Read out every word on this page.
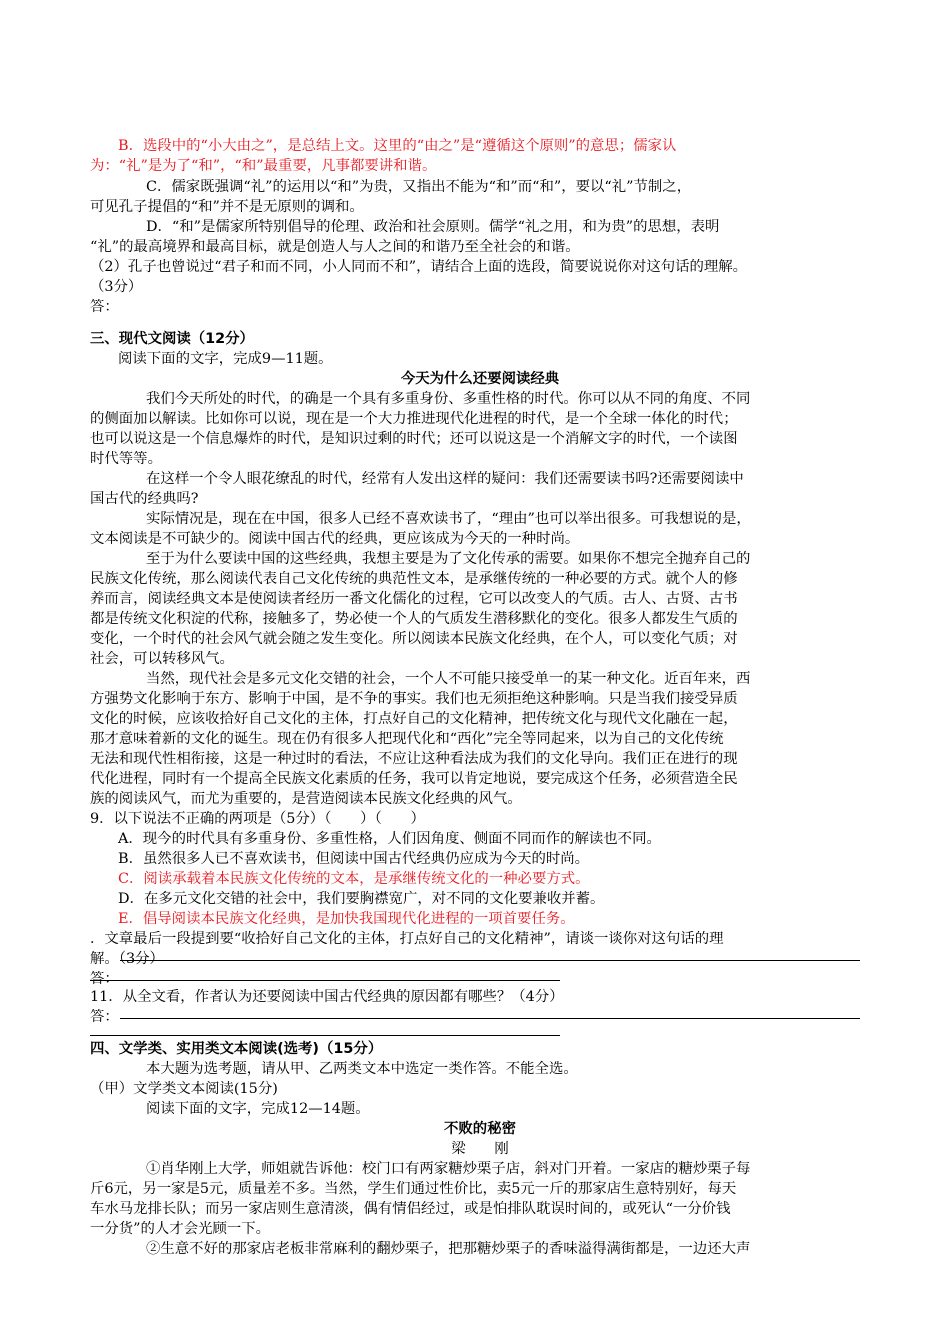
B．选段中的“小大由之”，是总结上文。这里的“由之”是“遵循这个原则”的意思；儒家认
为：“礼”是为了“和”，“和”最重要，凡事都要讲和谐。
C．儒家既强调“礼”的运用以“和”为贵，又指出不能为“和”而“和”，要以“礼”节制之，
可见孔子提倡的“和”并不是无原则的调和。
D．“和”是儒家所特别倡导的伦理、政治和社会原则。儒学“礼之用，和为贵”的思想，表明
“礼”的最高境界和最高目标，就是创造人与人之间的和谐乃至全社会的和谐。
（2）孔子也曾说过“君子和而不同，小人同而不和”，请结合上面的选段，简要说说你对这句话的理解。
（3分）
答：
三、现代文阅读（12分）
阅读下面的文字，完成9—11题。
今天为什么还要阅读经典
我们今天所处的时代，的确是一个具有多重身份、多重性格的时代。你可以从不同的角度、不同
的侧面加以解读。比如你可以说，现在是一个大力推进现代化进程的时代，是一个全球一体化的时代；
也可以说这是一个信息爆炸的时代，是知识过剩的时代；还可以说这是一个消解文字的时代，一个读图
时代等等。
在这样一个令人眼花缭乱的时代，经常有人发出这样的疑问：我们还需要读书吗?还需要阅读中
国古代的经典吗?
实际情况是，现在在中国，很多人已经不喜欢读书了，“理由”也可以举出很多。可我想说的是，
文本阅读是不可缺少的。阅读中国古代的经典，更应该成为今天的一种时尚。
至于为什么要读中国的这些经典，我想主要是为了文化传承的需要。如果你不想完全抛弃自己的
民族文化传统，那么阅读代表自己文化传统的典范性文本，是承继传统的一种必要的方式。就个人的修
养而言，阅读经典文本是使阅读者经历一番文化儒化的过程，它可以改变人的气质。古人、古贤、古书
都是传统文化积淀的代称，接触多了，势必使一个人的气质发生潜移默化的变化。很多人都发生气质的
变化，一个时代的社会风气就会随之发生变化。所以阅读本民族文化经典，在个人，可以变化气质；对
社会，可以转移风气。
当然，现代社会是多元文化交错的社会，一个人不可能只接受单一的某一种文化。近百年来，西
方强势文化影响于东方、影响于中国，是不争的事实。我们也无须拒绝这种影响。只是当我们接受异质
文化的时候，应该收拾好自己文化的主体，打点好自己的文化精神，把传统文化与现代文化融在一起，
那才意味着新的文化的诞生。现在仍有很多人把现代化和“西化”完全等同起来，以为自己的文化传统
无法和现代性相衔接，这是一种过时的看法，不应让这种看法成为我们的文化导向。我们正在进行的现
代化进程，同时有一个提高全民族文化素质的任务，我可以肯定地说，要完成这个任务，必须营造全民
族的阅读风气，而尤为重要的，是营造阅读本民族文化经典的风气。
9．以下说法不正确的两项是（5分）（　　）（　　）
A．现今的时代具有多重身份、多重性格，人们因角度、侧面不同而作的解读也不同。
B．虽然很多人已不喜欢读书，但阅读中国古代经典仍应成为今天的时尚。
C．阅读承载着本民族文化传统的文本，是承继传统文化的一种必要方式。
D．在多元文化交错的社会中，我们要胸襟宽广，对不同的文化要兼收并蓄。
E．倡导阅读本民族文化经典，是加快我国现代化进程的一项首要任务。
．文章最后一段提到要“收拾好自己文化的主体，打点好自己的文化精神”，请谈一谈你对这句话的理
解。（3分）
答：
11．从全文看，作者认为还要阅读中国古代经典的原因都有哪些？（4分）
答：
四、文学类、实用类文本阅读(选考)（15分）
本大题为选考题，请从甲、乙两类文本中选定一类作答。不能全选。
（甲）文学类文本阅读(15分)
阅读下面的文字，完成12—14题。
不败的秘密
梁　　刚
①肖华刚上大学，师姐就告诉他：校门口有两家糖炒栗子店，斜对门开着。一家店的糖炒栗子每
斤6元，另一家是5元，质量差不多。当然，学生们通过性价比，卖5元一斤的那家店生意特别好，每天
车水马龙排长队；而另一家店则生意清淡，偶有情侣经过，或是怕排队耽误时间的，或死认“一分价钱
一分货”的人才会光顾一下。
②生意不好的那家店老板非常麻利的翻炒栗子，把那糖炒栗子的香味溢得满街都是，一边还大声
